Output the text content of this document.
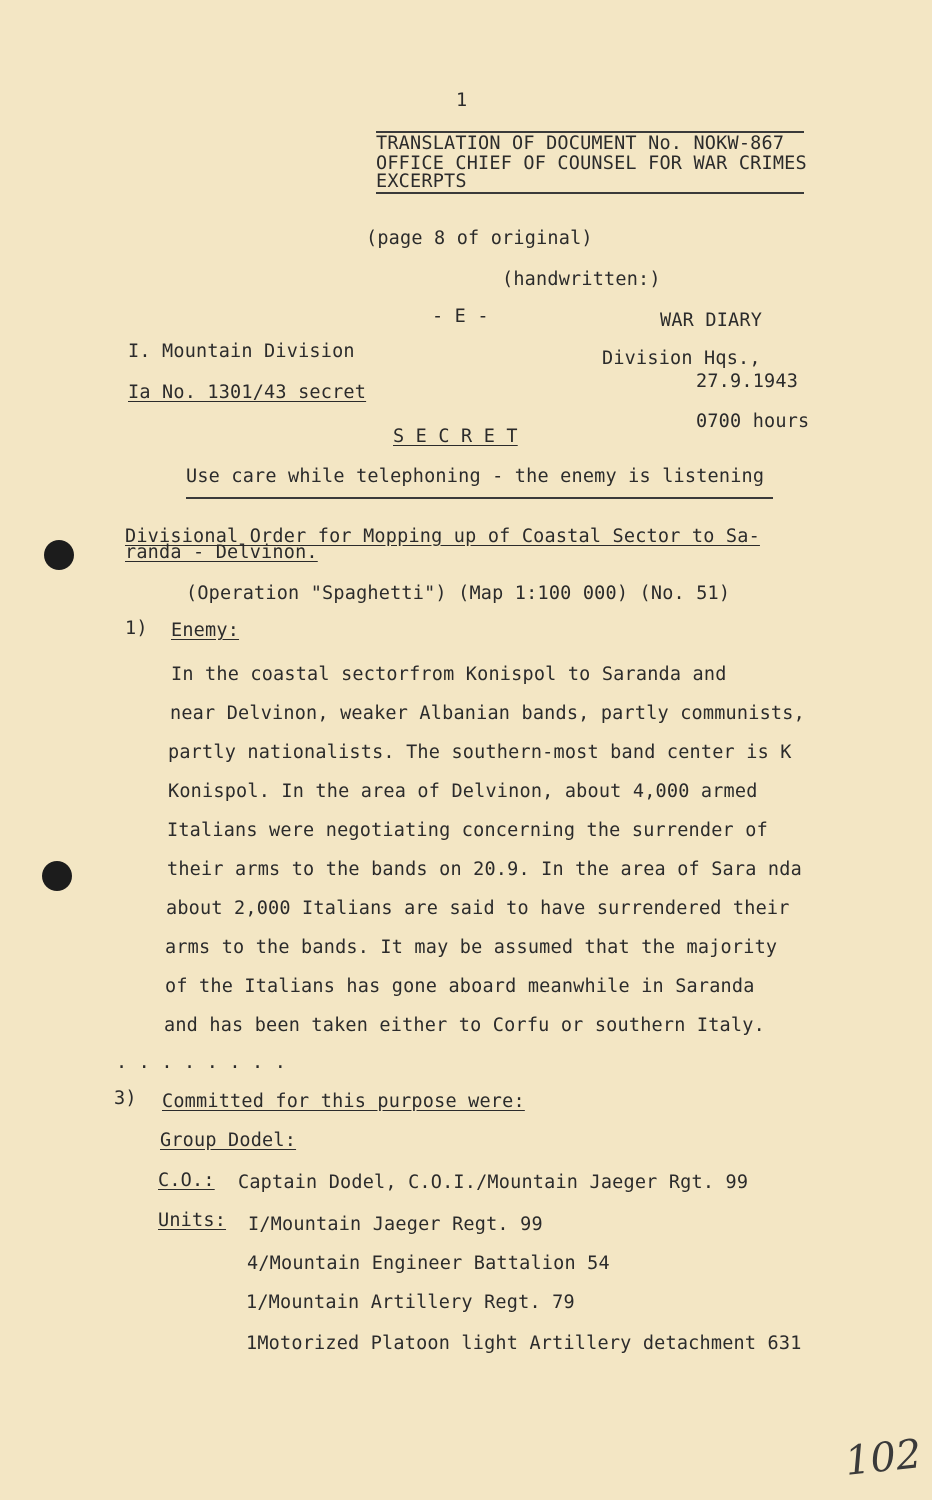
1
TRANSLATION OF DOCUMENT No. NOKW-867
OFFICE CHIEF OF COUNSEL FOR WAR CRIMES
EXCERPTS
(page 8 of original)
(handwritten:)
- E -	WAR DIARY
I. Mountain Division
Ia No. 1301/43 secret
Division Hqs.,
27.9.1943
0700 hours
S E C R E T
Use care while telephoning - the enemy is listening
Divisional Order for Mopping up of Coastal Sector to Sa-
randa - Delvinon.
(Operation "Spaghetti") (Map 1:100 000) (No. 51)
1) Enemy:
In the coastal sectorfrom Konispol to Saranda and
near Delvinon, weaker Albanian bands, partly communists,
partly nationalists. The southern-most band center is K
Konispol. In the area of Delvinon, about 4,000 armed
Italians were negotiating concerning the surrender of
their arms to the bands on 20.9. In the area of Sara nda
about 2,000 Italians are said to have surrendered their
arms to the bands. It may be assumed that the majority
of the Italians has gone aboard meanwhile in Saranda
and has been taken either to Corfu or southern Italy.
. . . . . . . .
3) Committed for this purpose were:
Group Dodel:
C.O.: Captain Dodel, C.O.I./Mountain Jaeger Rgt. 99
Units: I/Mountain Jaeger Regt. 99
4/Mountain Engineer Battalion 54
1/Mountain Artillery Regt. 79
1Motorized Platoon light Artillery detachment 631
102
